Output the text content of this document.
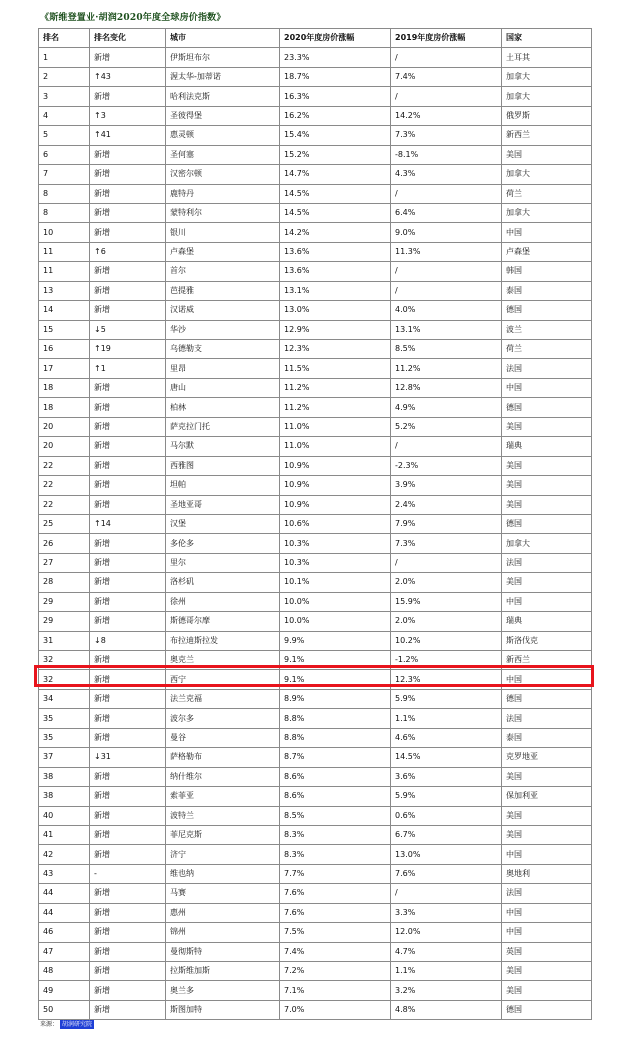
《斯维登置业·胡润2020年度全球房价指数》
排名	排名变化	城市	2020年度房价涨幅	2019年度房价涨幅	国家
1	新增	伊斯坦布尔	23.3%	/	土耳其
2	↑43	渥太华-加蒂诺	18.7%	7.4%	加拿大
3	新增	哈利法克斯	16.3%	/	加拿大
4	↑3	圣彼得堡	16.2%	14.2%	俄罗斯
5	↑41	惠灵顿	15.4%	7.3%	新西兰
6	新增	圣何塞	15.2%	-8.1%	美国
7	新增	汉密尔顿	14.7%	4.3%	加拿大
8	新增	鹿特丹	14.5%	/	荷兰
8	新增	蒙特利尔	14.5%	6.4%	加拿大
10	新增	银川	14.2%	9.0%	中国
11	↑6	卢森堡	13.6%	11.3%	卢森堡
11	新增	首尔	13.6%	/	韩国
13	新增	芭提雅	13.1%	/	泰国
14	新增	汉诺威	13.0%	4.0%	德国
15	↓5	华沙	12.9%	13.1%	波兰
16	↑19	乌德勒支	12.3%	8.5%	荷兰
17	↑1	里昂	11.5%	11.2%	法国
18	新增	唐山	11.2%	12.8%	中国
18	新增	柏林	11.2%	4.9%	德国
20	新增	萨克拉门托	11.0%	5.2%	美国
20	新增	马尔默	11.0%	/	瑞典
22	新增	西雅图	10.9%	-2.3%	美国
22	新增	坦帕	10.9%	3.9%	美国
22	新增	圣地亚哥	10.9%	2.4%	美国
25	↑14	汉堡	10.6%	7.9%	德国
26	新增	多伦多	10.3%	7.3%	加拿大
27	新增	里尔	10.3%	/	法国
28	新增	洛杉矶	10.1%	2.0%	美国
29	新增	徐州	10.0%	15.9%	中国
29	新增	斯德哥尔摩	10.0%	2.0%	瑞典
31	↓8	布拉迪斯拉发	9.9%	10.2%	斯洛伐克
32	新增	奥克兰	9.1%	-1.2%	新西兰
32	新增	西宁	9.1%	12.3%	中国
34	新增	法兰克福	8.9%	5.9%	德国
35	新增	波尔多	8.8%	1.1%	法国
35	新增	曼谷	8.8%	4.6%	泰国
37	↓31	萨格勒布	8.7%	14.5%	克罗地亚
38	新增	纳什维尔	8.6%	3.6%	美国
38	新增	索菲亚	8.6%	5.9%	保加利亚
40	新增	波特兰	8.5%	0.6%	美国
41	新增	菲尼克斯	8.3%	6.7%	美国
42	新增	济宁	8.3%	13.0%	中国
43	-	维也纳	7.7%	7.6%	奥地利
44	新增	马赛	7.6%	/	法国
44	新增	惠州	7.6%	3.3%	中国
46	新增	锦州	7.5%	12.0%	中国
47	新增	曼彻斯特	7.4%	4.7%	英国
48	新增	拉斯维加斯	7.2%	1.1%	美国
49	新增	奥兰多	7.1%	3.2%	美国
50	新增	斯图加特	7.0%	4.8%	德国
来源： 胡润研究院
